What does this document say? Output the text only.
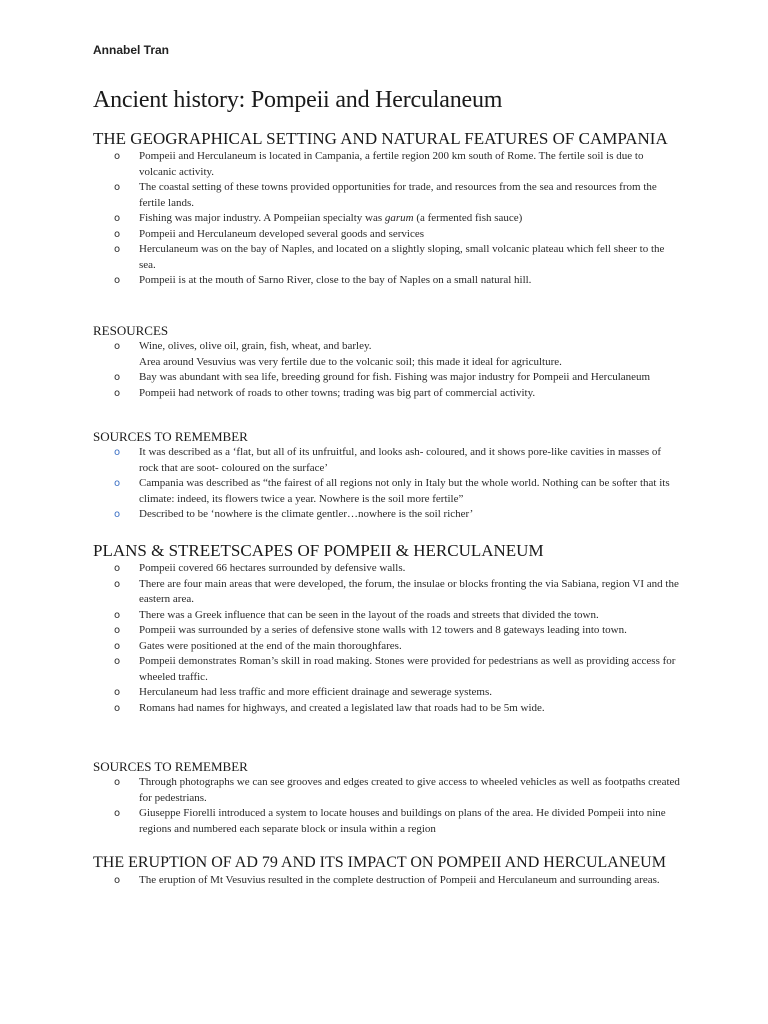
Annabel Tran
Ancient history: Pompeii and Herculaneum
THE GEOGRAPHICAL SETTING AND NATURAL FEATURES OF CAMPANIA
o Pompeii and Herculaneum is located in Campania, a fertile region 200 km south of Rome. The fertile soil is due to volcanic activity.
o The coastal setting of these towns provided opportunities for trade, and resources from the sea and resources from the fertile lands.
o Fishing was major industry. A Pompeiian specialty was garum (a fermented fish sauce)
o Pompeii and Herculaneum developed several goods and services
o Herculaneum was on the bay of Naples, and located on a slightly sloping, small volcanic plateau which fell sheer to the sea.
o Pompeii is at the mouth of Sarno River, close to the bay of Naples on a small natural hill.
RESOURCES
o Wine, olives, olive oil, grain, fish, wheat, and barley.
Area around Vesuvius was very fertile due to the volcanic soil; this made it ideal for agriculture.
o Bay was abundant with sea life, breeding ground for fish. Fishing was major industry for Pompeii and Herculaneum
o Pompeii had network of roads to other towns; trading was big part of commercial activity.
SOURCES TO REMEMBER
o It was described as a ‘flat, but all of its unfruitful, and looks ash- coloured, and it shows pore-like cavities in masses of rock that are soot- coloured on the surface’
o Campania was described as “the fairest of all regions not only in Italy but the whole world. Nothing can be softer that its climate: indeed, its flowers twice a year. Nowhere is the soil more fertile”
o Described to be ‘nowhere is the climate gentler…nowhere is the soil richer’
PLANS & STREETSCAPES OF POMPEII & HERCULANEUM
o Pompeii covered 66 hectares surrounded by defensive walls.
o There are four main areas that were developed, the forum, the insulae or blocks fronting the via Sabiana, region VI and the eastern area.
o There was a Greek influence that can be seen in the layout of the roads and streets that divided the town.
o Pompeii was surrounded by a series of defensive stone walls with 12 towers and 8 gateways leading into town.
o Gates were positioned at the end of the main thoroughfares.
o Pompeii demonstrates Roman’s skill in road making. Stones were provided for pedestrians as well as providing access for wheeled traffic.
o Herculaneum had less traffic and more efficient drainage and sewerage systems.
o Romans had names for highways, and created a legislated law that roads had to be 5m wide.
SOURCES TO REMEMBER
o Through photographs we can see grooves and edges created to give access to wheeled vehicles as well as footpaths created for pedestrians.
o Giuseppe Fiorelli introduced a system to locate houses and buildings on plans of the area. He divided Pompeii into nine regions and numbered each separate block or insula within a region
THE ERUPTION OF AD 79 AND ITS IMPACT ON POMPEII AND HERCULANEUM
o The eruption of Mt Vesuvius resulted in the complete destruction of Pompeii and Herculaneum and surrounding areas.
